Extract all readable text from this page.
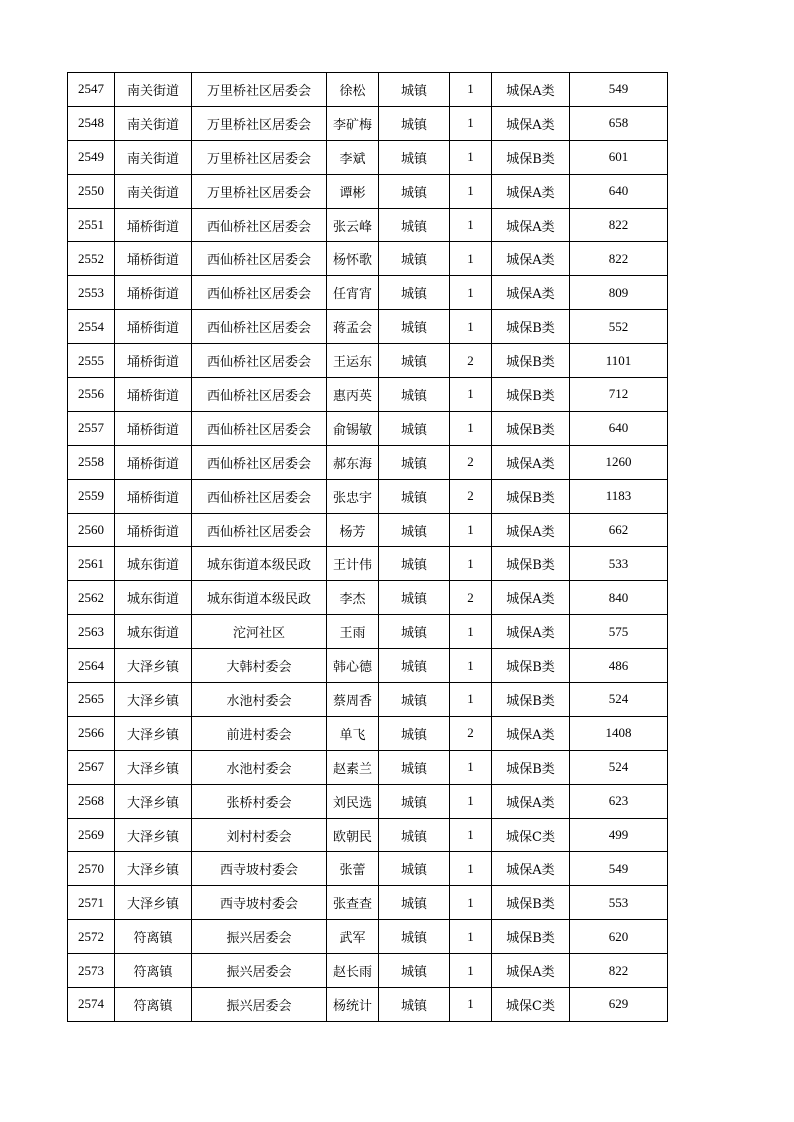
2547	南关街道	万里桥社区居委会	徐松	城镇	1	城保A类	549
2548	南关街道	万里桥社区居委会	李矿梅	城镇	1	城保A类	658
2549	南关街道	万里桥社区居委会	李斌	城镇	1	城保B类	601
2550	南关街道	万里桥社区居委会	谭彬	城镇	1	城保A类	640
2551	埇桥街道	西仙桥社区居委会	张云峰	城镇	1	城保A类	822
2552	埇桥街道	西仙桥社区居委会	杨怀歌	城镇	1	城保A类	822
2553	埇桥街道	西仙桥社区居委会	任宵宵	城镇	1	城保A类	809
2554	埇桥街道	西仙桥社区居委会	蒋孟会	城镇	1	城保B类	552
2555	埇桥街道	西仙桥社区居委会	王运东	城镇	2	城保B类	1101
2556	埇桥街道	西仙桥社区居委会	惠丙英	城镇	1	城保B类	712
2557	埇桥街道	西仙桥社区居委会	俞锡敏	城镇	1	城保B类	640
2558	埇桥街道	西仙桥社区居委会	郝东海	城镇	2	城保A类	1260
2559	埇桥街道	西仙桥社区居委会	张忠宇	城镇	2	城保B类	1183
2560	埇桥街道	西仙桥社区居委会	杨芳	城镇	1	城保A类	662
2561	城东街道	城东街道本级民政	王计伟	城镇	1	城保B类	533
2562	城东街道	城东街道本级民政	李杰	城镇	2	城保A类	840
2563	城东街道	沱河社区	王雨	城镇	1	城保A类	575
2564	大泽乡镇	大韩村委会	韩心德	城镇	1	城保B类	486
2565	大泽乡镇	水池村委会	蔡周香	城镇	1	城保B类	524
2566	大泽乡镇	前进村委会	单飞	城镇	2	城保A类	1408
2567	大泽乡镇	水池村委会	赵素兰	城镇	1	城保B类	524
2568	大泽乡镇	张桥村委会	刘民选	城镇	1	城保A类	623
2569	大泽乡镇	刘村村委会	欧朝民	城镇	1	城保C类	499
2570	大泽乡镇	西寺坡村委会	张蕾	城镇	1	城保A类	549
2571	大泽乡镇	西寺坡村委会	张查查	城镇	1	城保B类	553
2572	符离镇	振兴居委会	武军	城镇	1	城保B类	620
2573	符离镇	振兴居委会	赵长雨	城镇	1	城保A类	822
2574	符离镇	振兴居委会	杨统计	城镇	1	城保C类	629
